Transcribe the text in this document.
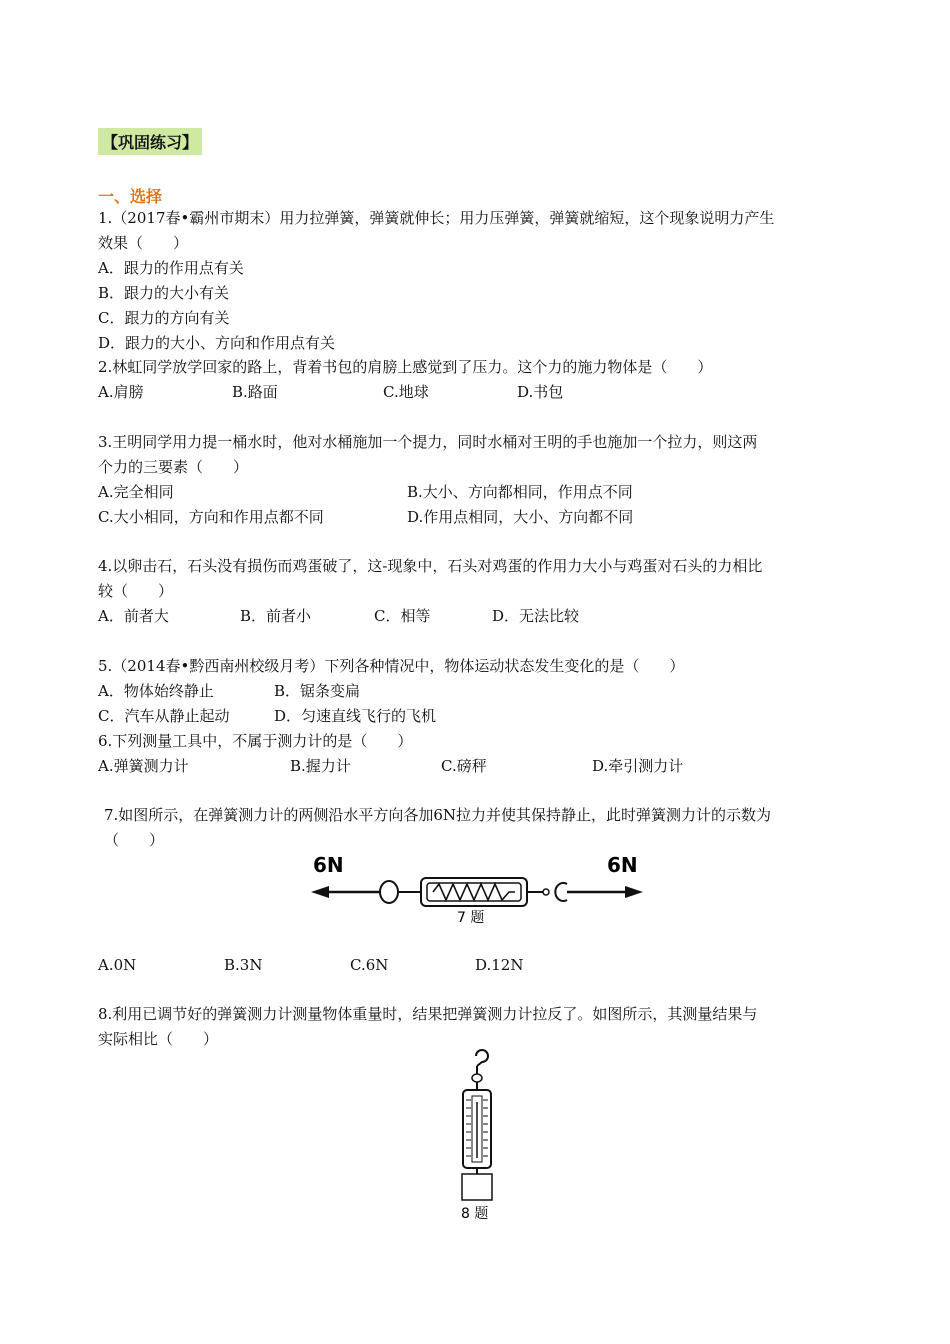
【巩固练习】
一、选择
1.（2017春•霸州市期末）用力拉弹簧，弹簧就伸长；用力压弹簧，弹簧就缩短，这个现象说明力产生
效果（　　）
A．跟力的作用点有关
B．跟力的大小有关
C．跟力的方向有关
D．跟力的大小、方向和作用点有关
2.林虹同学放学回家的路上，背着书包的肩膀上感觉到了压力。这个力的施力物体是（　　）
A.肩膀	B.路面	C.地球	D.书包
3.王明同学用力提一桶水时，他对水桶施加一个提力，同时水桶对王明的手也施加一个拉力，则这两
个力的三要素（　　）
A.完全相同	B.大小、方向都相同，作用点不同
C.大小相同，方向和作用点都不同	D.作用点相同，大小、方向都不同
4.以卵击石，石头没有损伤而鸡蛋破了，这-现象中，石头对鸡蛋的作用力大小与鸡蛋对石头的力相比
较（　　）
A．前者大	B．前者小	C．相等	D．无法比较
5.（2014春•黔西南州校级月考）下列各种情况中，物体运动状态发生变化的是（　　）
A．物体始终静止	B．锯条变扁
C．汽车从静止起动	D．匀速直线飞行的飞机
6.下列测量工具中，不属于测力计的是（　　）
A.弹簧测力计	B.握力计	C.磅秤	D.牵引测力计
7.如图所示，在弹簧测力计的两侧沿水平方向各加6N拉力并使其保持静止，此时弹簧测力计的示数为
（　　）
6N	6N
7 题
A.0N	B.3N	C.6N	D.12N
8.利用已调节好的弹簧测力计测量物体重量时，结果把弹簧测力计拉反了。如图所示，其测量结果与
实际相比（　　）
8 题
